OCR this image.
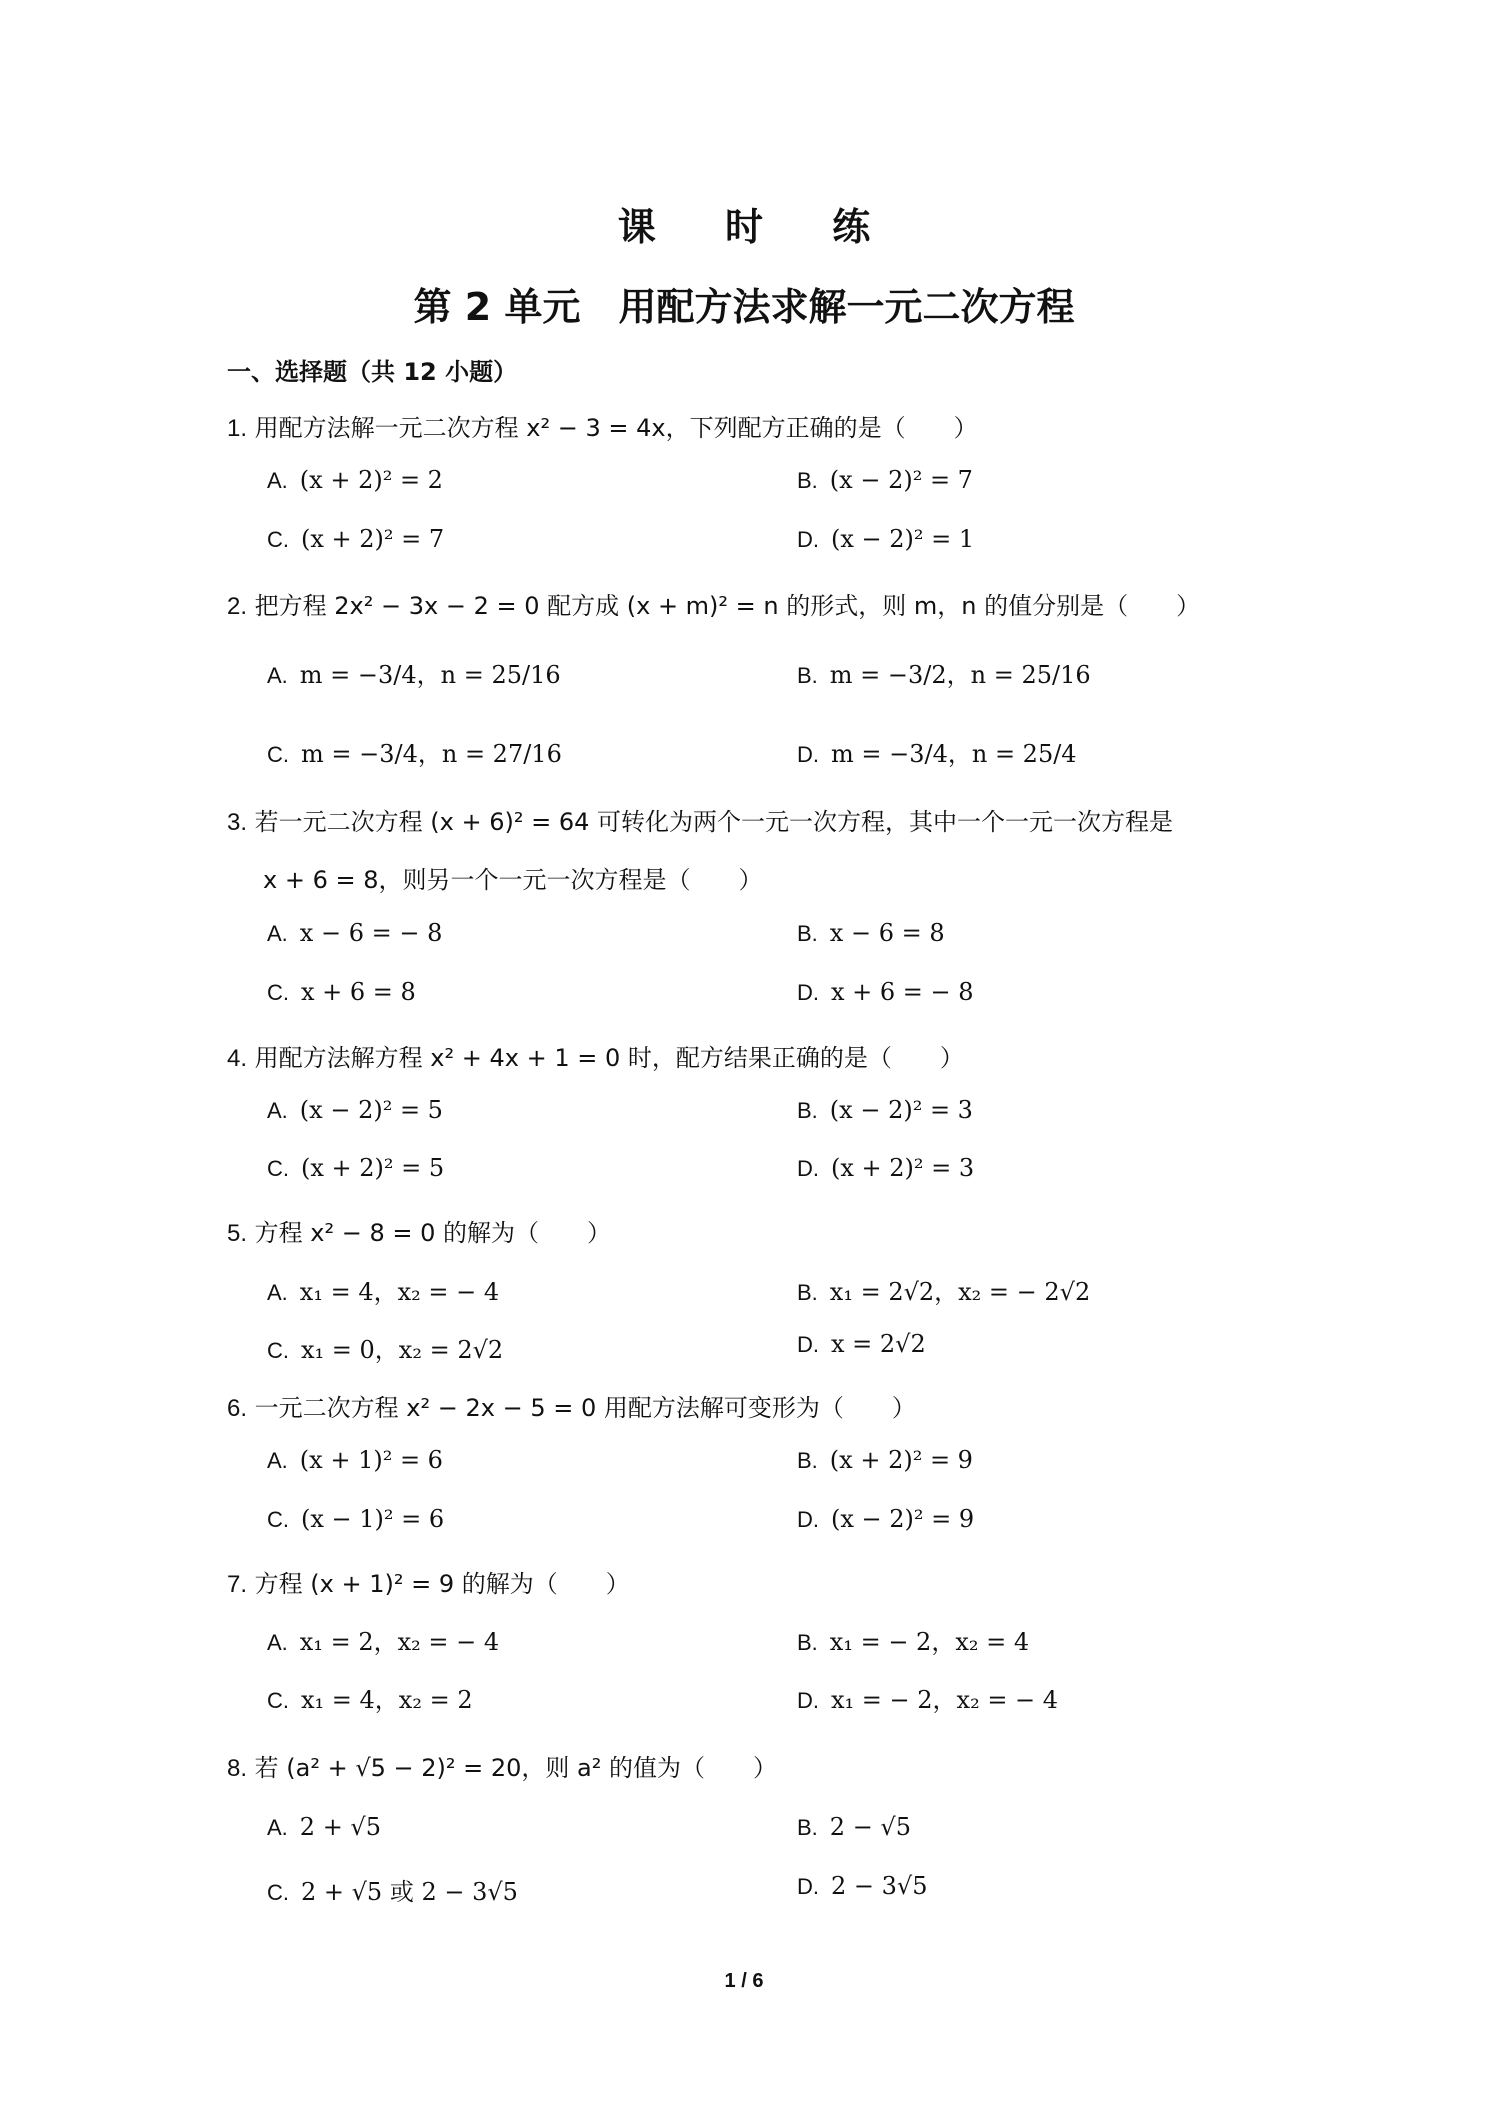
课 时 练
第 2 单元　用配方法求解一元二次方程
一、选择题（共 12 小题）
1. 用配方法解一元二次方程 x² − 3 = 4x，下列配方正确的是（　　）
A. (x + 2)² = 2	B. (x − 2)² = 7
C. (x + 2)² = 7	D. (x − 2)² = 1
2. 把方程 2x² − 3x − 2 = 0 配方成 (x + m)² = n 的形式，则 m，n 的值分别是（　　）
A. m = −3/4，n = 25/16	B. m = −3/2，n = 25/16
C. m = −3/4，n = 27/16	D. m = −3/4，n = 25/4
3. 若一元二次方程 (x + 6)² = 64 可转化为两个一元一次方程，其中一个一元一次方程是
x + 6 = 8，则另一个一元一次方程是（　　）
A. x − 6 = − 8	B. x − 6 = 8
C. x + 6 = 8	D. x + 6 = − 8
4. 用配方法解方程 x² + 4x + 1 = 0 时，配方结果正确的是（　　）
A. (x − 2)² = 5	B. (x − 2)² = 3
C. (x + 2)² = 5	D. (x + 2)² = 3
5. 方程 x² − 8 = 0 的解为（　　）
A. x₁ = 4，x₂ = − 4	B. x₁ = 2√2，x₂ = − 2√2
C. x₁ = 0，x₂ = 2√2	D. x = 2√2
6. 一元二次方程 x² − 2x − 5 = 0 用配方法解可变形为（　　）
A. (x + 1)² = 6	B. (x + 2)² = 9
C. (x − 1)² = 6	D. (x − 2)² = 9
7. 方程 (x + 1)² = 9 的解为（　　）
A. x₁ = 2，x₂ = − 4	B. x₁ = − 2，x₂ = 4
C. x₁ = 4，x₂ = 2	D. x₁ = − 2，x₂ = − 4
8. 若 (a² + √5 − 2)² = 20，则 a² 的值为（　　）
A. 2 + √5	B. 2 − √5
C. 2 + √5 或 2 − 3√5	D. 2 − 3√5
1 / 6
